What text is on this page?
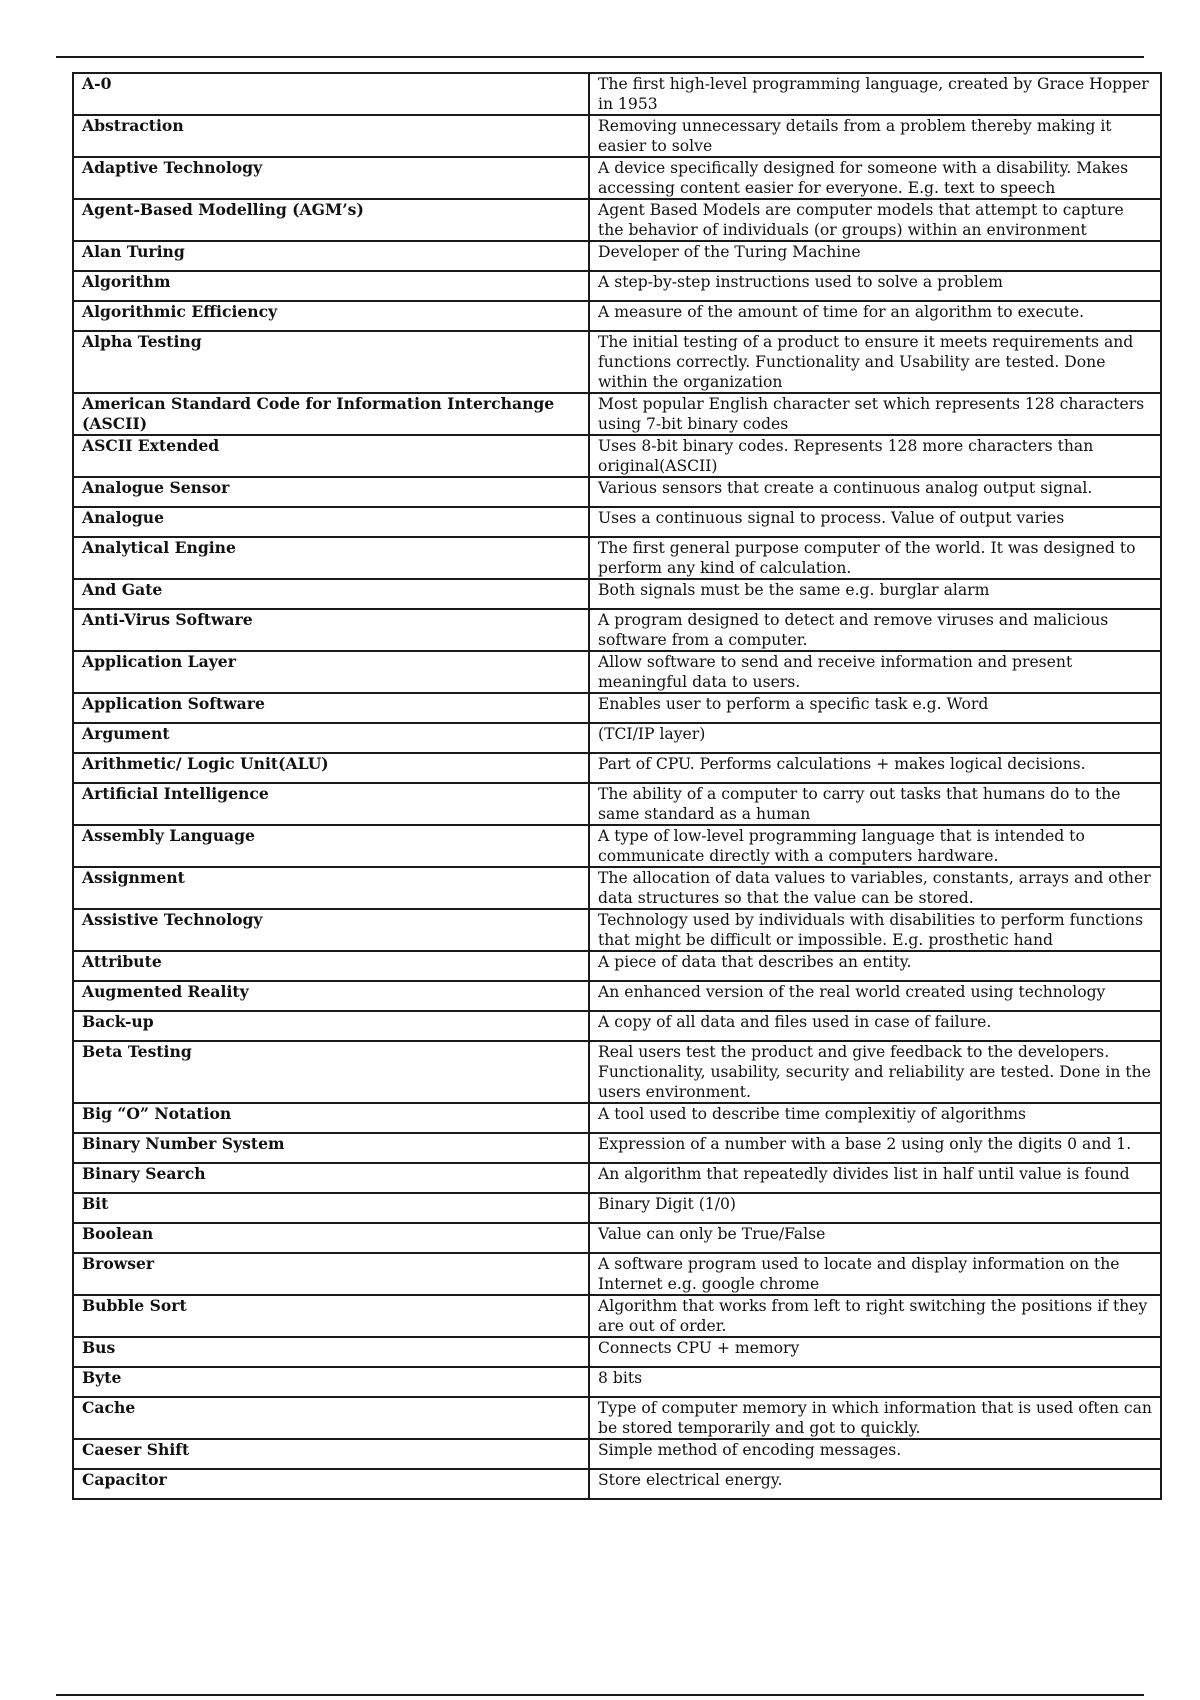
A-0	The first high-level programming language, created by Grace Hopper in 1953
Abstraction	Removing unnecessary details from a problem thereby making it easier to solve
Adaptive Technology	A device specifically designed for someone with a disability. Makes accessing content easier for everyone. E.g. text to speech
Agent-Based Modelling (AGM’s)	Agent Based Models are computer models that attempt to capture the behavior of individuals (or groups) within an environment
Alan Turing	Developer of the Turing Machine
Algorithm	A step-by-step instructions used to solve a problem
Algorithmic Efficiency	A measure of the amount of time for an algorithm to execute.
Alpha Testing	The initial testing of a product to ensure it meets requirements and functions correctly. Functionality and Usability are tested. Done within the organization
American Standard Code for Information Interchange (ASCII)	Most popular English character set which represents 128 characters using 7-bit binary codes
ASCII Extended	Uses 8-bit binary codes. Represents 128 more characters than original(ASCII)
Analogue Sensor	Various sensors that create a continuous analog output signal.
Analogue	Uses a continuous signal to process. Value of output varies
Analytical Engine	The first general purpose computer of the world. It was designed to perform any kind of calculation.
And Gate	Both signals must be the same e.g. burglar alarm
Anti-Virus Software	A program designed to detect and remove viruses and malicious software from a computer.
Application Layer	Allow software to send and receive information and present meaningful data to users.
Application Software	Enables user to perform a specific task e.g. Word
Argument	(TCI/IP layer)
Arithmetic/ Logic Unit(ALU)	Part of CPU. Performs calculations + makes logical decisions.
Artificial Intelligence	The ability of a computer to carry out tasks that humans do to the same standard as a human
Assembly Language	A type of low-level programming language that is intended to communicate directly with a computers hardware.
Assignment	The allocation of data values to variables, constants, arrays and other data structures so that the value can be stored.
Assistive Technology	Technology used by individuals with disabilities to perform functions that might be difficult or impossible. E.g. prosthetic hand
Attribute	A piece of data that describes an entity.
Augmented Reality	An enhanced version of the real world created using technology
Back-up	A copy of all data and files used in case of failure.
Beta Testing	Real users test the product and give feedback to the developers. Functionality, usability, security and reliability are tested. Done in the users environment.
Big “O” Notation	A tool used to describe time complexitiy of algorithms
Binary Number System	Expression of a number with a base 2 using only the digits 0 and 1.
Binary Search	An algorithm that repeatedly divides list in half until value is found
Bit	Binary Digit (1/0)
Boolean	Value can only be True/False
Browser	A software program used to locate and display information on the Internet e.g. google chrome
Bubble Sort	Algorithm that works from left to right switching the positions if they are out of order.
Bus	Connects CPU + memory
Byte	8 bits
Cache	Type of computer memory in which information that is used often can be stored temporarily and got to quickly.
Caeser Shift	Simple method of encoding messages.
Capacitor	Store electrical energy.
